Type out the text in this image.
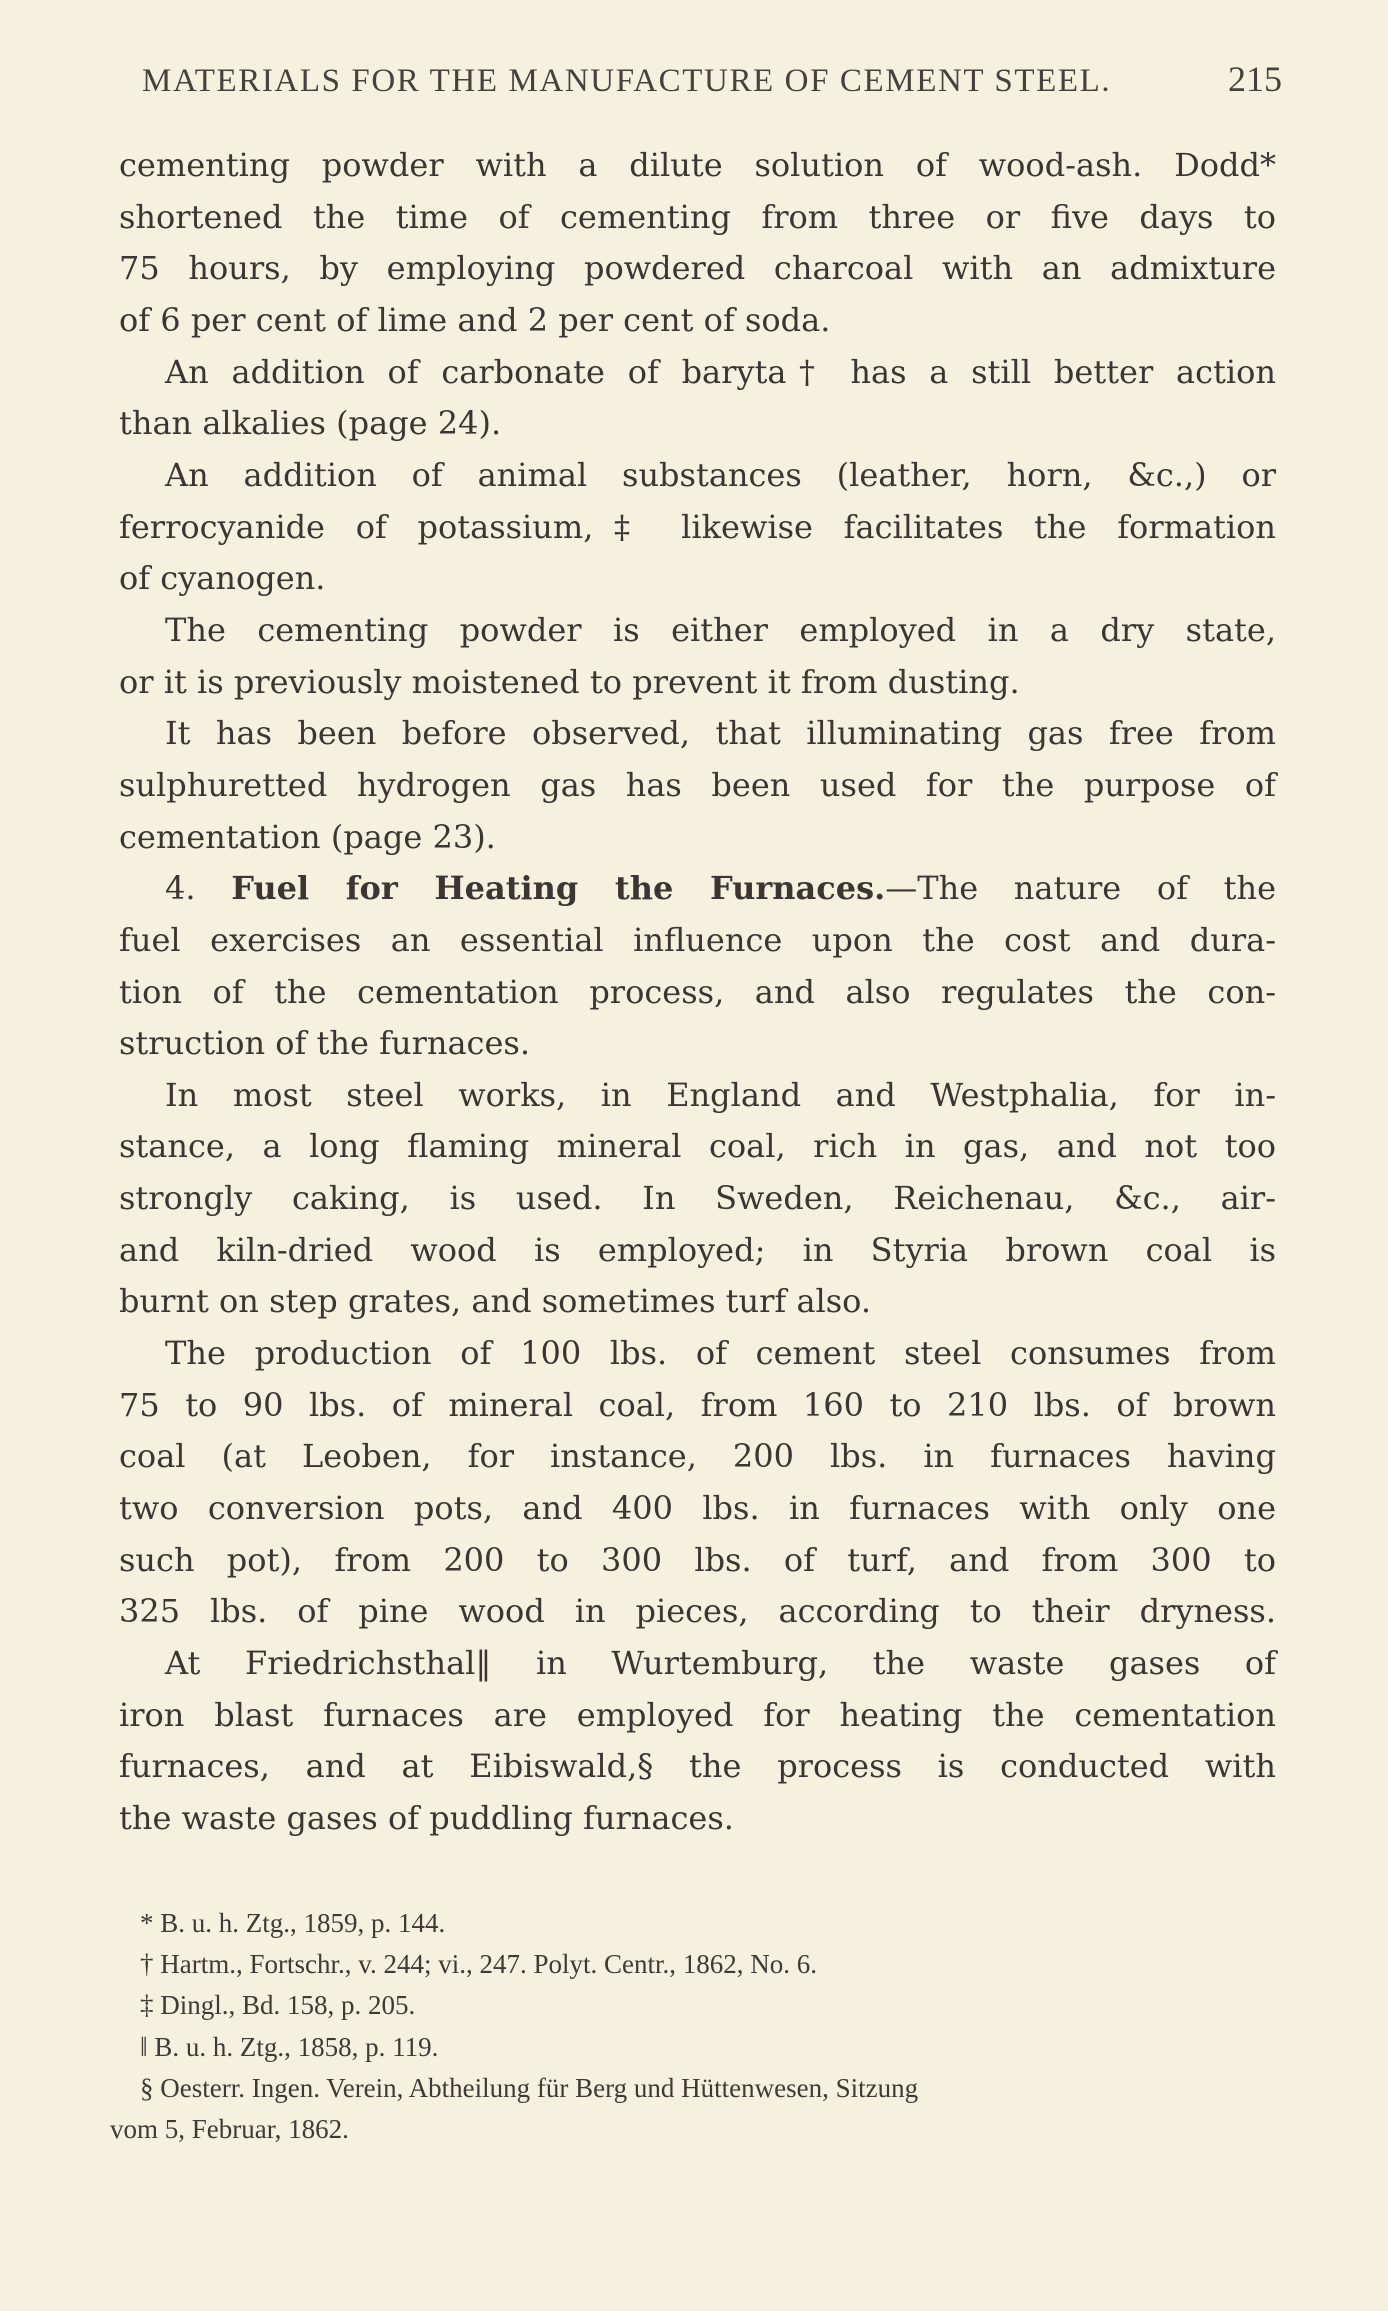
MATERIALS FOR THE MANUFACTURE OF CEMENT STEEL.	215
cementing powder with a dilute solution of wood-ash. Dodd*
shortened the time of cementing from three or five days to
75 hours, by employing powdered charcoal with an admixture
of 6 per cent of lime and 2 per cent of soda.
An addition of carbonate of baryta† has a still better action
than alkalies (page 24).
An addition of animal substances (leather, horn, &c.,) or
ferrocyanide of potassium,‡ likewise facilitates the formation
of cyanogen.
The cementing powder is either employed in a dry state,
or it is previously moistened to prevent it from dusting.
It has been before observed, that illuminating gas free from
sulphuretted hydrogen gas has been used for the purpose of
cementation (page 23).
4. Fuel for Heating the Furnaces.—The nature of the
fuel exercises an essential influence upon the cost and dura-
tion of the cementation process, and also regulates the con-
struction of the furnaces.
In most steel works, in England and Westphalia, for in-
stance, a long flaming mineral coal, rich in gas, and not too
strongly caking, is used. In Sweden, Reichenau, &c., air-
and kiln-dried wood is employed; in Styria brown coal is
burnt on step grates, and sometimes turf also.
The production of 100 lbs. of cement steel consumes from
75 to 90 lbs. of mineral coal, from 160 to 210 lbs. of brown
coal (at Leoben, for instance, 200 lbs. in furnaces having
two conversion pots, and 400 lbs. in furnaces with only one
such pot), from 200 to 300 lbs. of turf, and from 300 to
325 lbs. of pine wood in pieces, according to their dryness.
At Friedrichsthal‖ in Wurtemburg, the waste gases of
iron blast furnaces are employed for heating the cementation
furnaces, and at Eibiswald,§ the process is conducted with
the waste gases of puddling furnaces.
* B. u. h. Ztg., 1859, p. 144.
† Hartm., Fortschr., v. 244; vi., 247. Polyt. Centr., 1862, No. 6.
‡ Dingl., Bd. 158, p. 205.
‖ B. u. h. Ztg., 1858, p. 119.
§ Oesterr. Ingen. Verein, Abtheilung für Berg und Hüttenwesen, Sitzung
vom 5, Februar, 1862.
